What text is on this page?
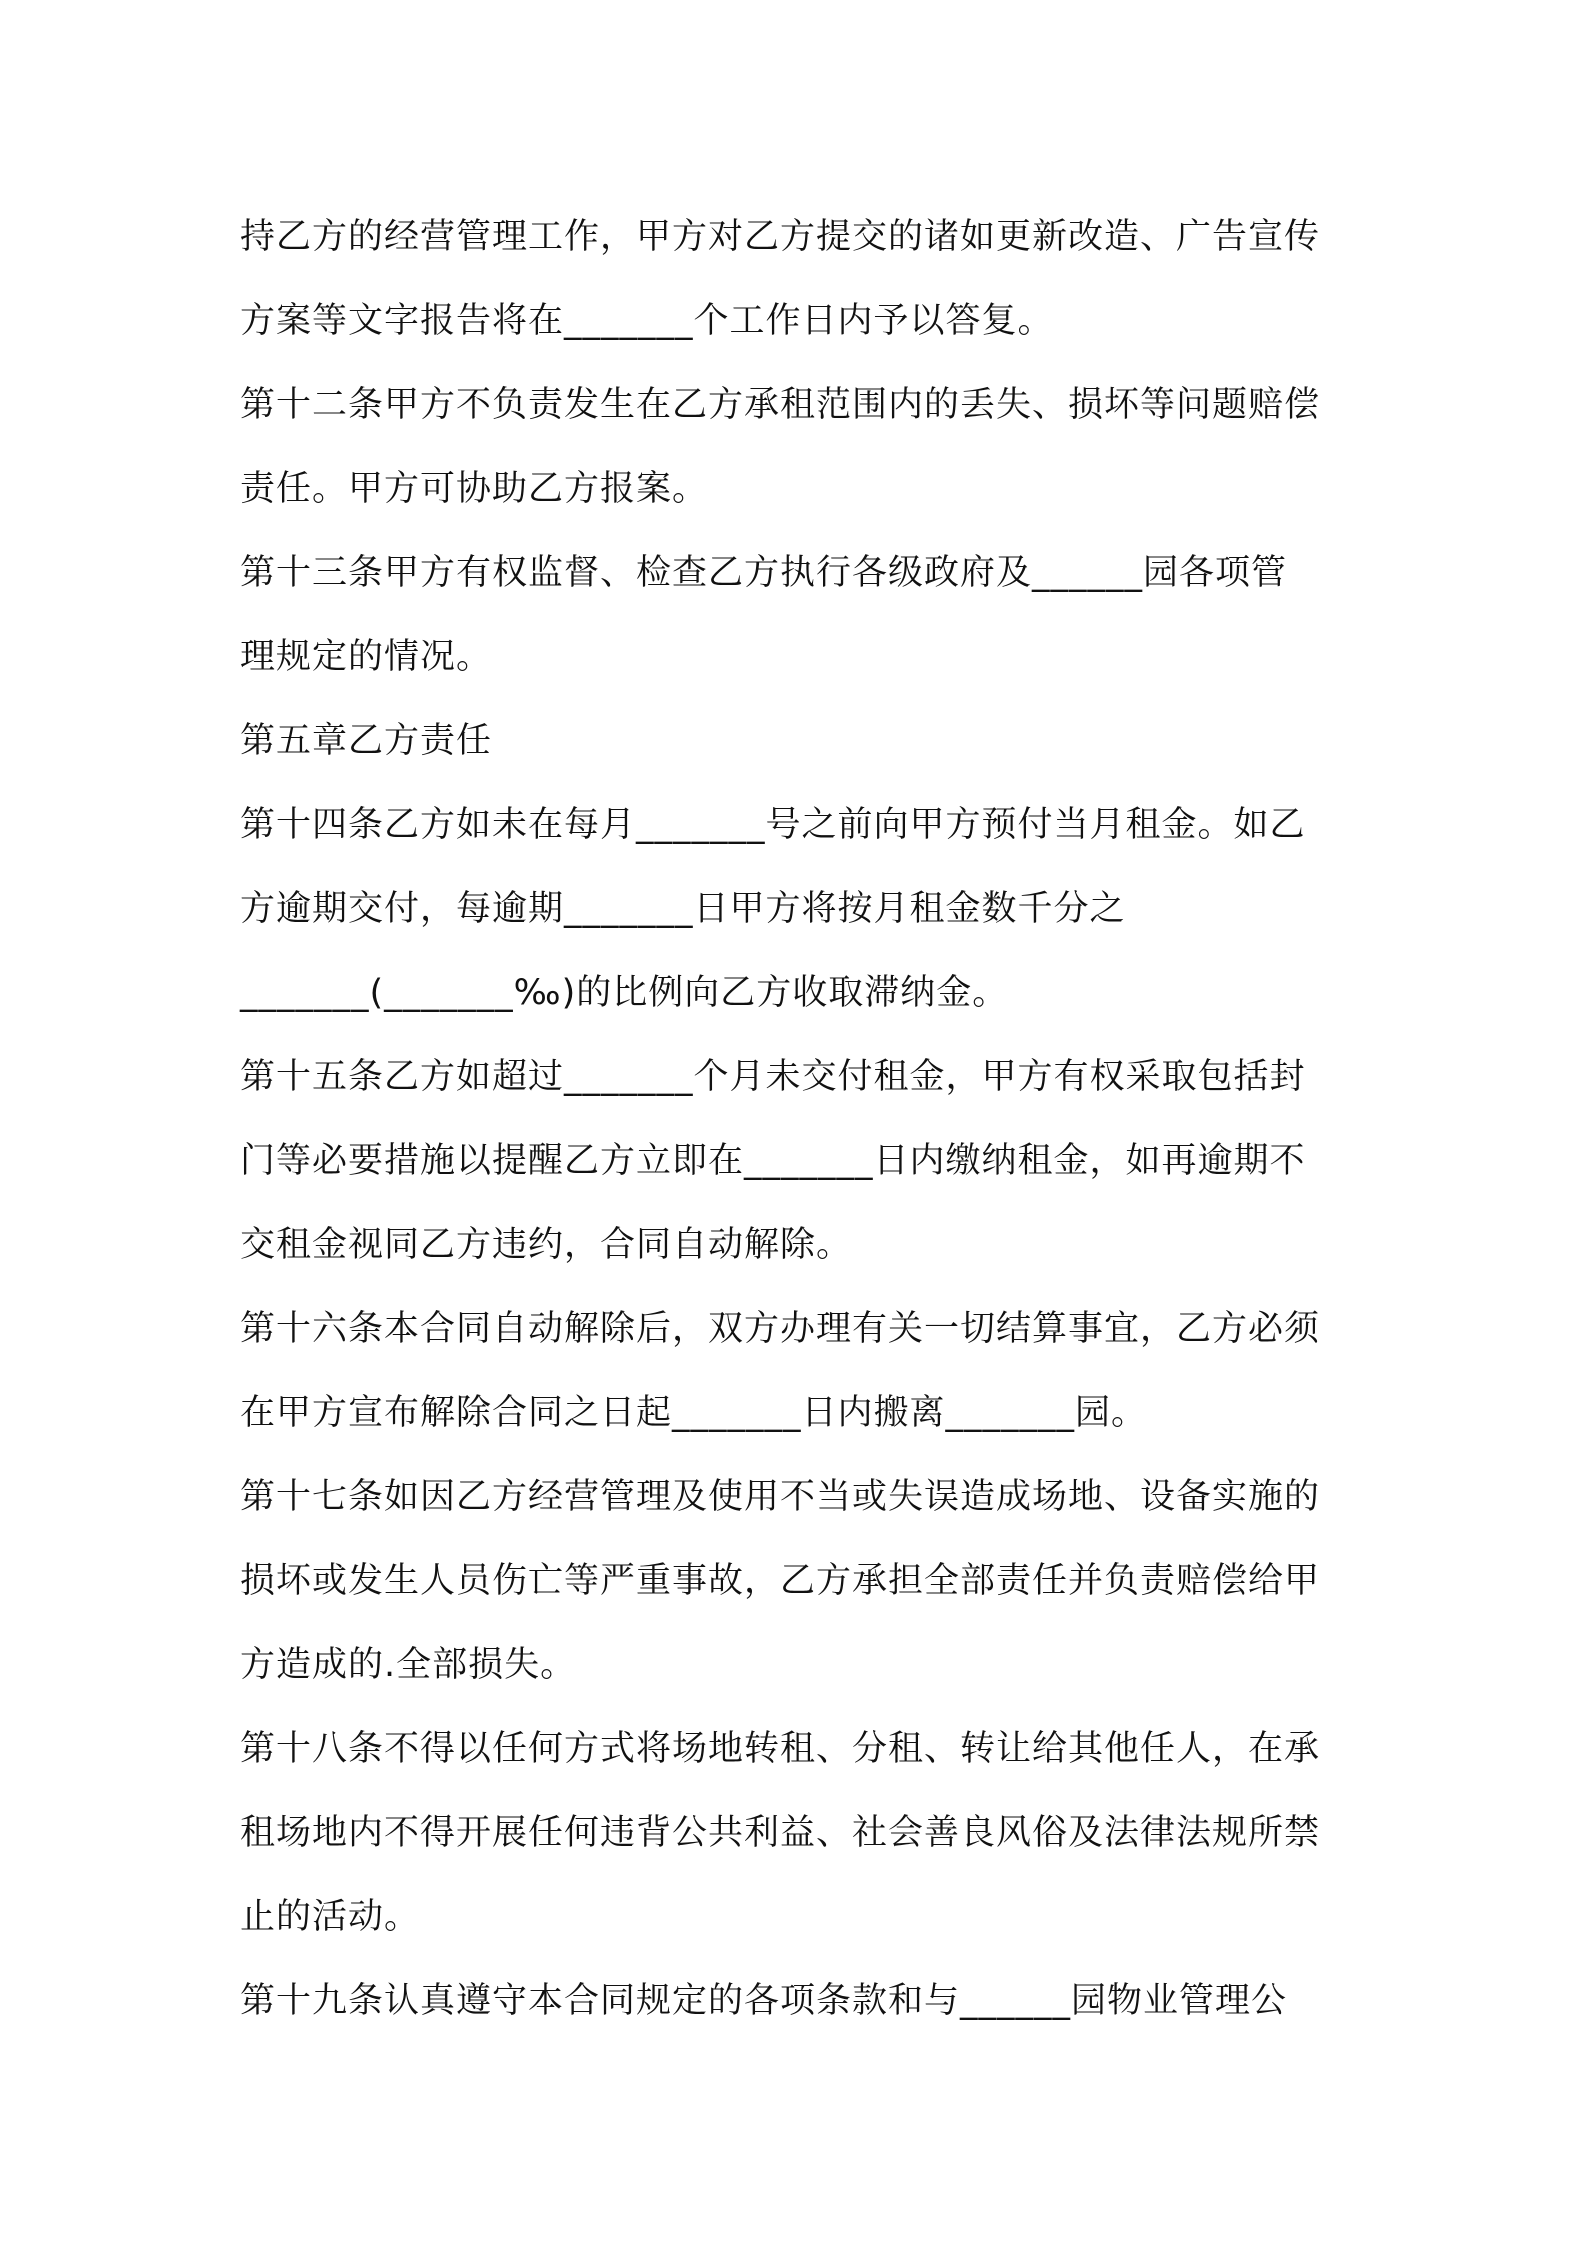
持乙方的经营管理工作，甲方对乙方提交的诸如更新改造、广告宣传
方案等文字报告将在_______个工作日内予以答复。
第十二条甲方不负责发生在乙方承租范围内的丢失、损坏等问题赔偿
责任。甲方可协助乙方报案。
第十三条甲方有权监督、检查乙方执行各级政府及______园各项管
理规定的情况。
第五章乙方责任
第十四条乙方如未在每月_______号之前向甲方预付当月租金。如乙
方逾期交付，每逾期_______日甲方将按月租金数千分之
_______(_______‰)的比例向乙方收取滞纳金。
第十五条乙方如超过_______个月未交付租金，甲方有权采取包括封
门等必要措施以提醒乙方立即在_______日内缴纳租金，如再逾期不
交租金视同乙方违约，合同自动解除。
第十六条本合同自动解除后，双方办理有关一切结算事宜，乙方必须
在甲方宣布解除合同之日起_______日内搬离_______园。
第十七条如因乙方经营管理及使用不当或失误造成场地、设备实施的
损坏或发生人员伤亡等严重事故，乙方承担全部责任并负责赔偿给甲
方造成的.全部损失。
第十八条不得以任何方式将场地转租、分租、转让给其他任人，在承
租场地内不得开展任何违背公共利益、社会善良风俗及法律法规所禁
止的活动。
第十九条认真遵守本合同规定的各项条款和与______园物业管理公
